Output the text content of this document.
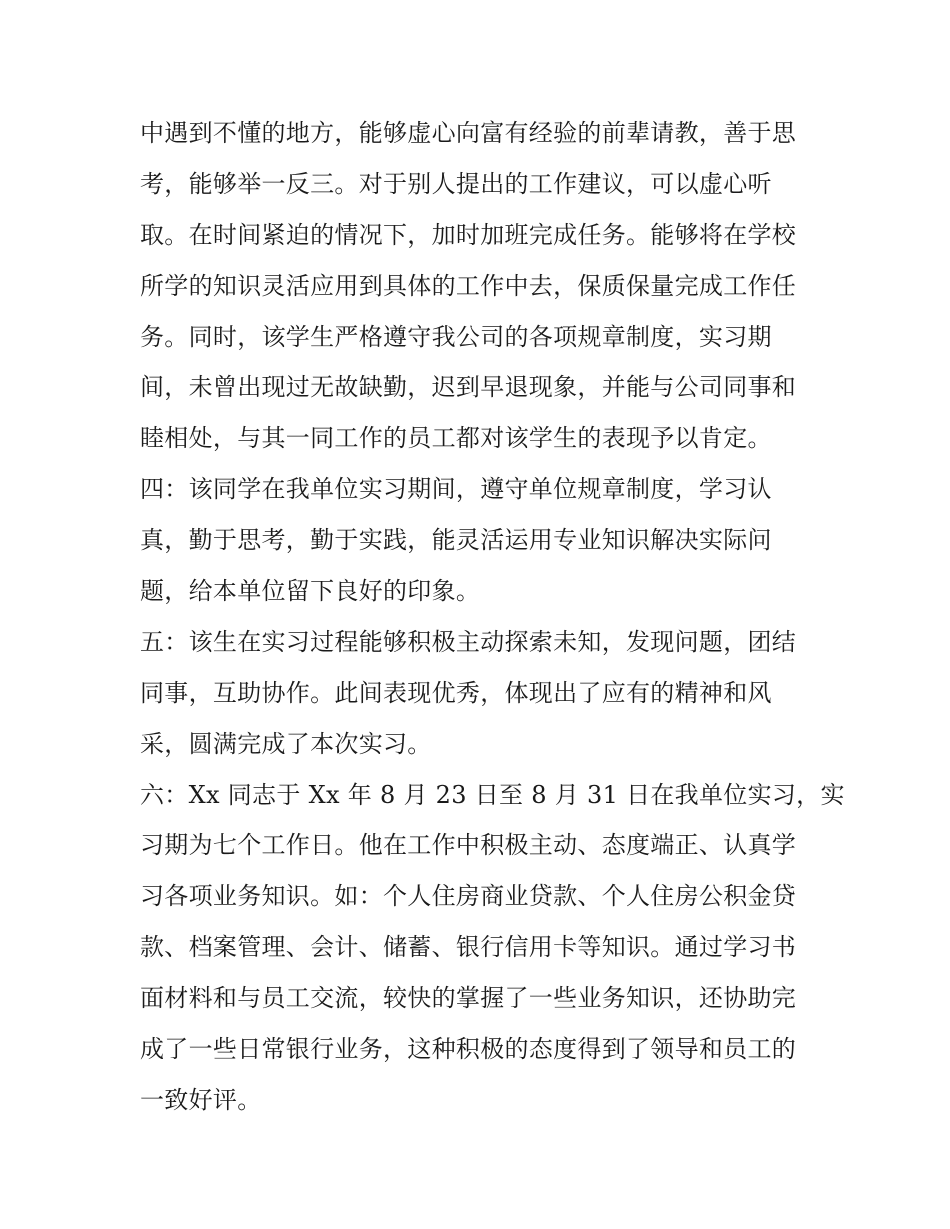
中遇到不懂的地方，能够虚心向富有经验的前辈请教，善于思
考，能够举一反三。对于别人提出的工作建议，可以虚心听
取。在时间紧迫的情况下，加时加班完成任务。能够将在学校
所学的知识灵活应用到具体的工作中去，保质保量完成工作任
务。同时，该学生严格遵守我公司的各项规章制度，实习期
间，未曾出现过无故缺勤，迟到早退现象，并能与公司同事和
睦相处，与其一同工作的员工都对该学生的表现予以肯定。
四：该同学在我单位实习期间，遵守单位规章制度，学习认
真，勤于思考，勤于实践，能灵活运用专业知识解决实际问
题，给本单位留下良好的印象。
五：该生在实习过程能够积极主动探索未知，发现问题，团结
同事，互助协作。此间表现优秀，体现出了应有的精神和风
采，圆满完成了本次实习。
六：Xx 同志于 Xx 年 8 月 23 日至 8 月 31 日在我单位实习，实
习期为七个工作日。他在工作中积极主动、态度端正、认真学
习各项业务知识。如：个人住房商业贷款、个人住房公积金贷
款、档案管理、会计、储蓄、银行信用卡等知识。通过学习书
面材料和与员工交流，较快的掌握了一些业务知识，还协助完
成了一些日常银行业务，这种积极的态度得到了领导和员工的
一致好评。
